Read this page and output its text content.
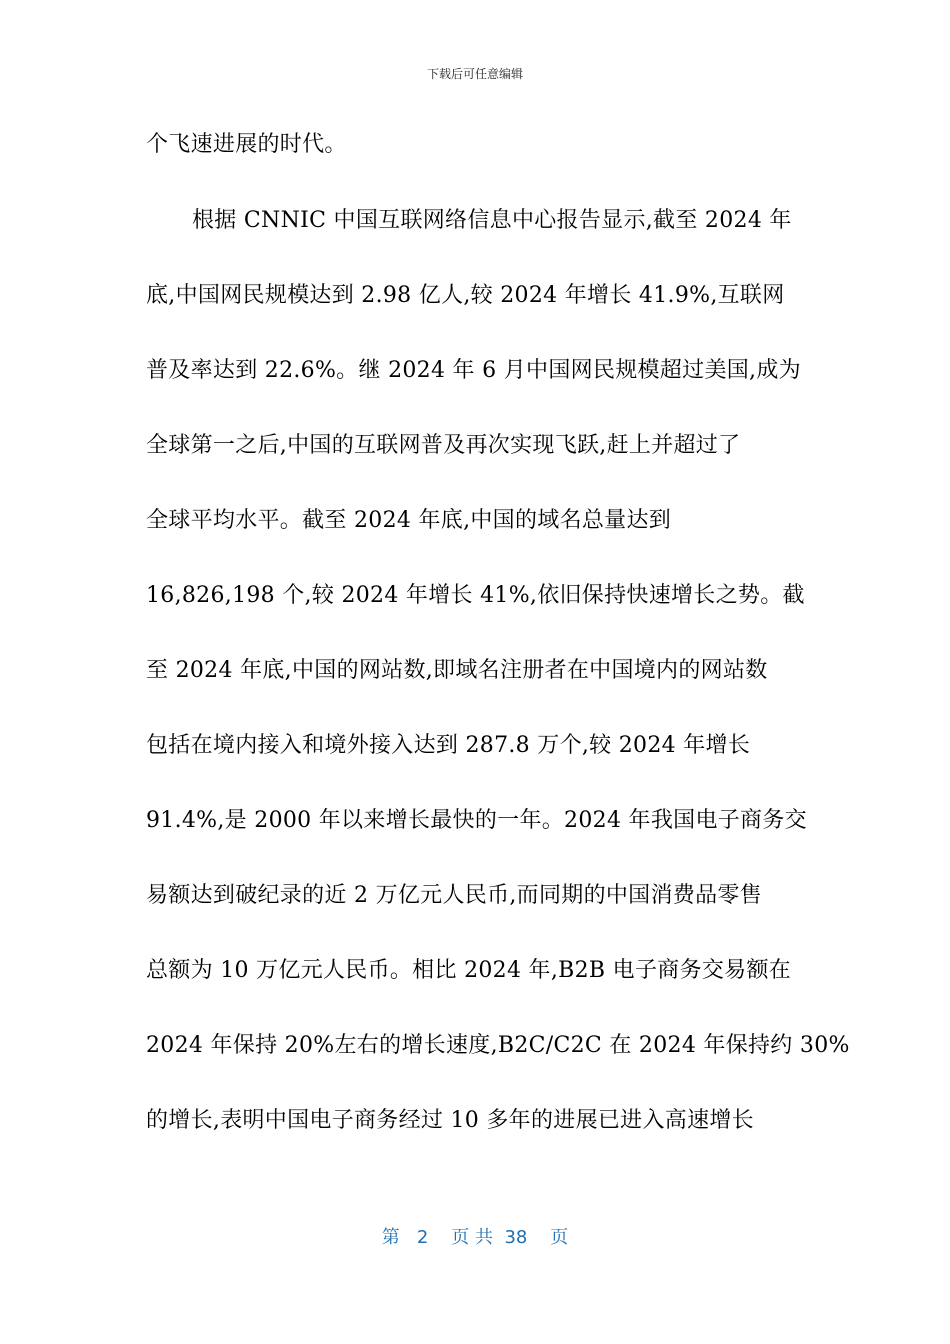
下载后可任意编辑
个飞速进展的时代。
根据 CNNIC 中国互联网络信息中心报告显示,截至 2024 年
底,中国网民规模达到 2.98 亿人,较 2024 年增长 41.9%,互联网
普及率达到 22.6%。继 2024 年 6 月中国网民规模超过美国,成为
全球第一之后,中国的互联网普及再次实现飞跃,赶上并超过了
全球平均水平。截至 2024 年底,中国的域名总量达到
16,826,198 个,较 2024 年增长 41%,依旧保持快速增长之势。截
至 2024 年底,中国的网站数,即域名注册者在中国境内的网站数
包括在境内接入和境外接入达到 287.8 万个,较 2024 年增长
91.4%,是 2000 年以来增长最快的一年。2024 年我国电子商务交
易额达到破纪录的近 2 万亿元人民币,而同期的中国消费品零售
总额为 10 万亿元人民币。相比 2024 年,B2B 电子商务交易额在
2024 年保持 20%左右的增长速度,B2C/C2C 在 2024 年保持约 30%
的增长,表明中国电子商务经过 10 多年的进展已进入高速增长
第 2 页 共 38 页
